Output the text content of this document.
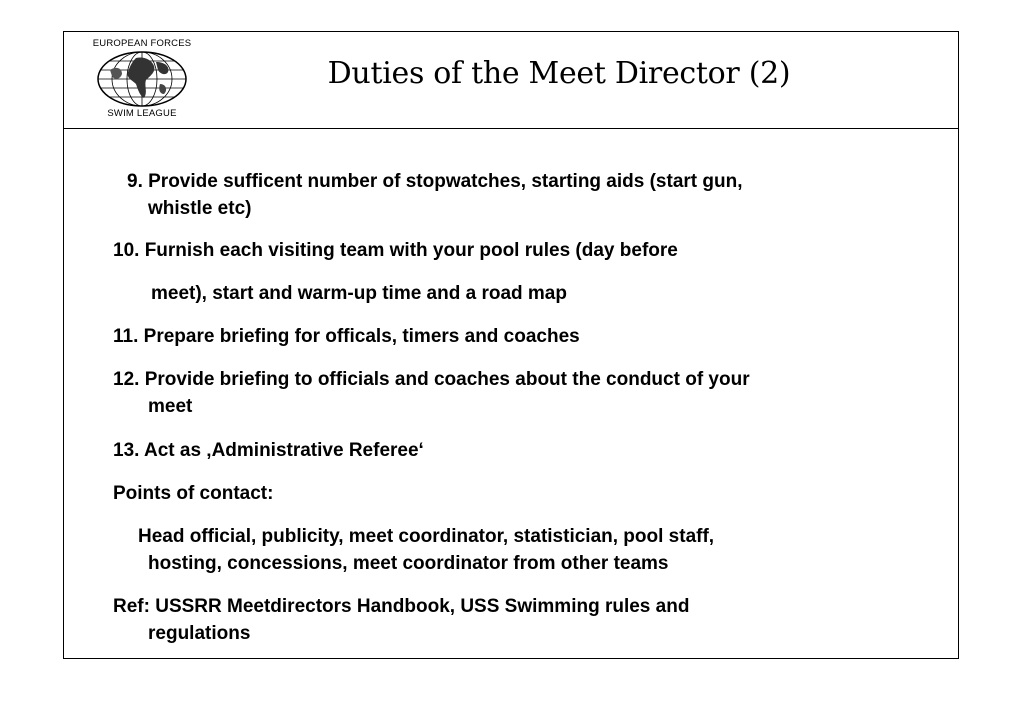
EUROPEAN FORCES
SWIM LEAGUE
Duties of the Meet Director (2)
9. Provide sufficent number of stopwatches, starting aids (start gun,
whistle etc)
10. Furnish each visiting team with your pool rules (day before
meet), start and warm-up time and a road map
11. Prepare briefing for officals, timers and coaches
12. Provide briefing to officials and coaches about the conduct of your
meet
13. Act as ‚Administrative Referee‘
Points of contact:
Head official, publicity, meet coordinator, statistician, pool staff,
hosting, concessions, meet coordinator from other teams
Ref: USSRR Meetdirectors Handbook, USS Swimming rules and
regulations
